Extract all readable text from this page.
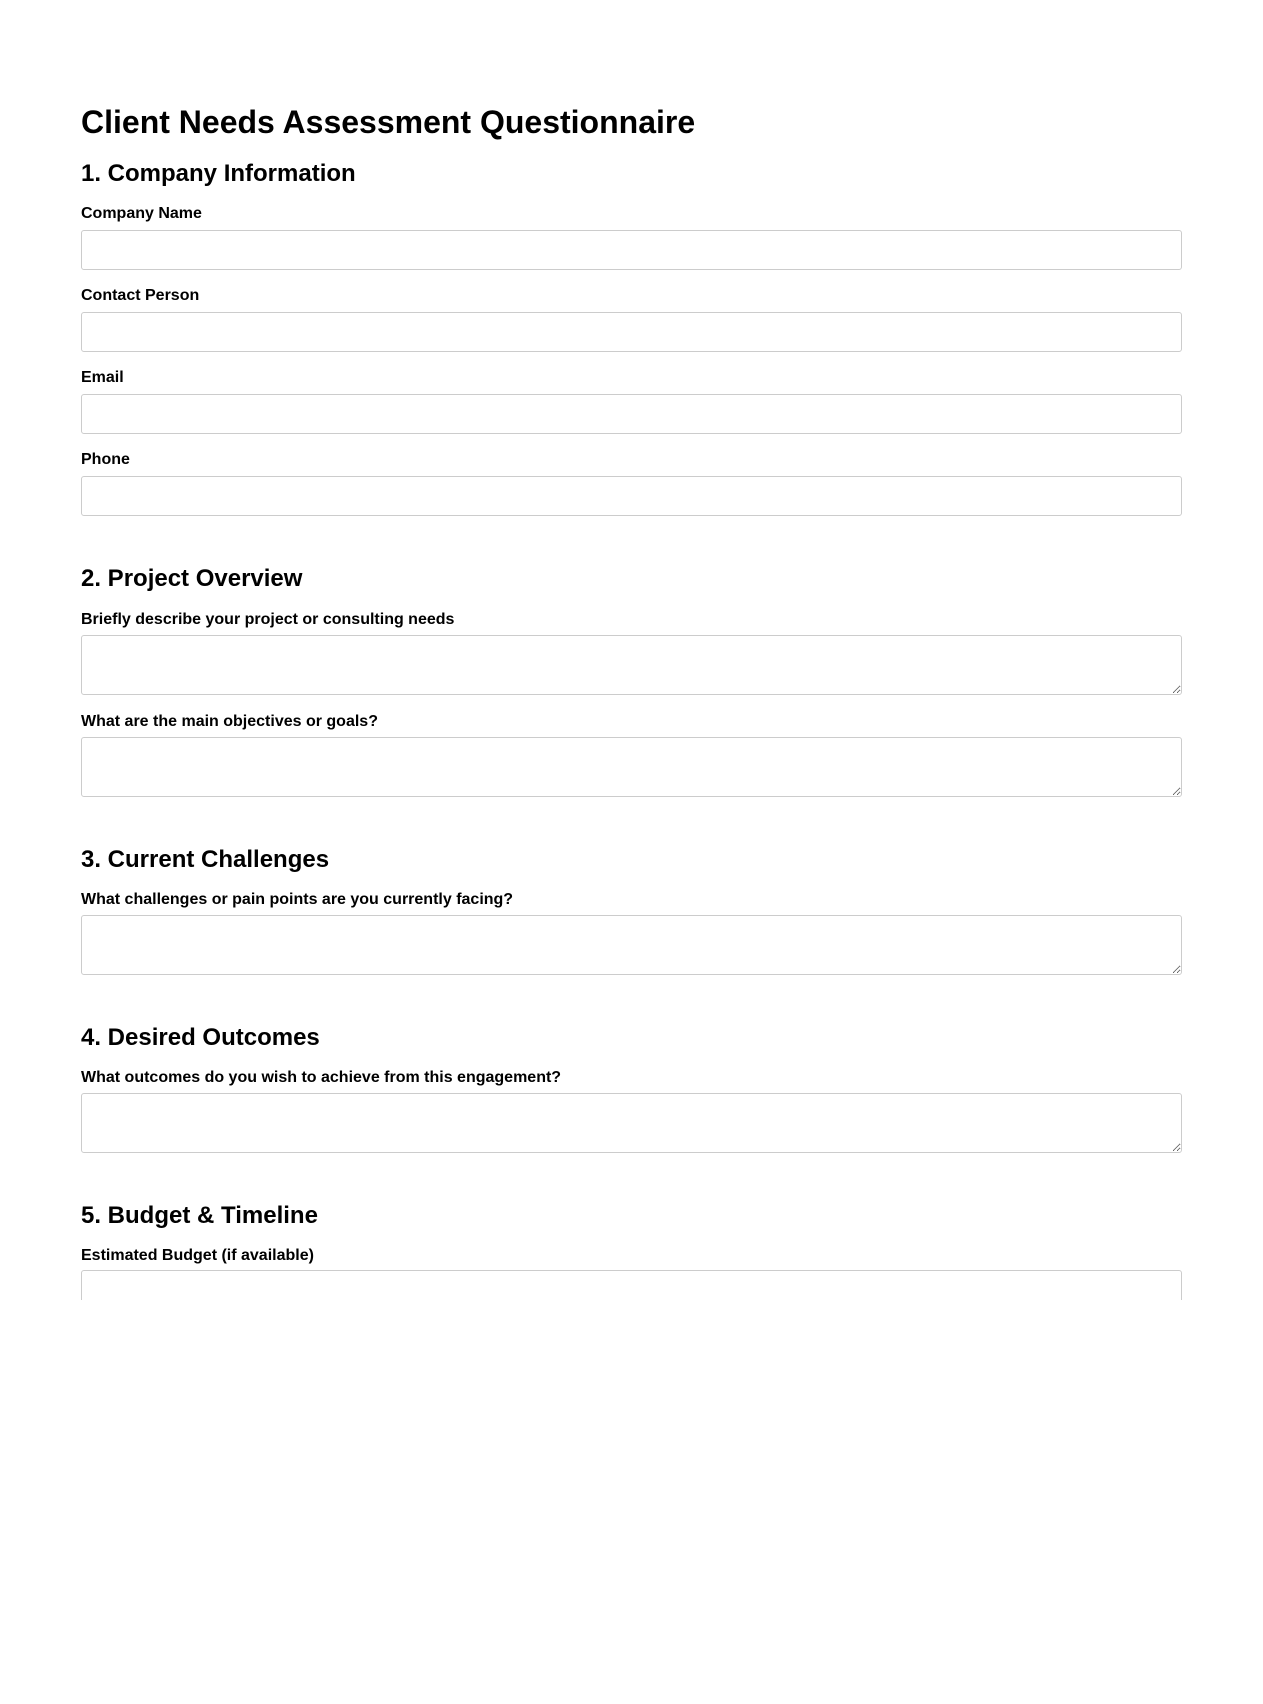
Client Needs Assessment Questionnaire
1. Company Information
Company Name
Contact Person
Email
Phone
2. Project Overview
Briefly describe your project or consulting needs
What are the main objectives or goals?
3. Current Challenges
What challenges or pain points are you currently facing?
4. Desired Outcomes
What outcomes do you wish to achieve from this engagement?
5. Budget & Timeline
Estimated Budget (if available)
